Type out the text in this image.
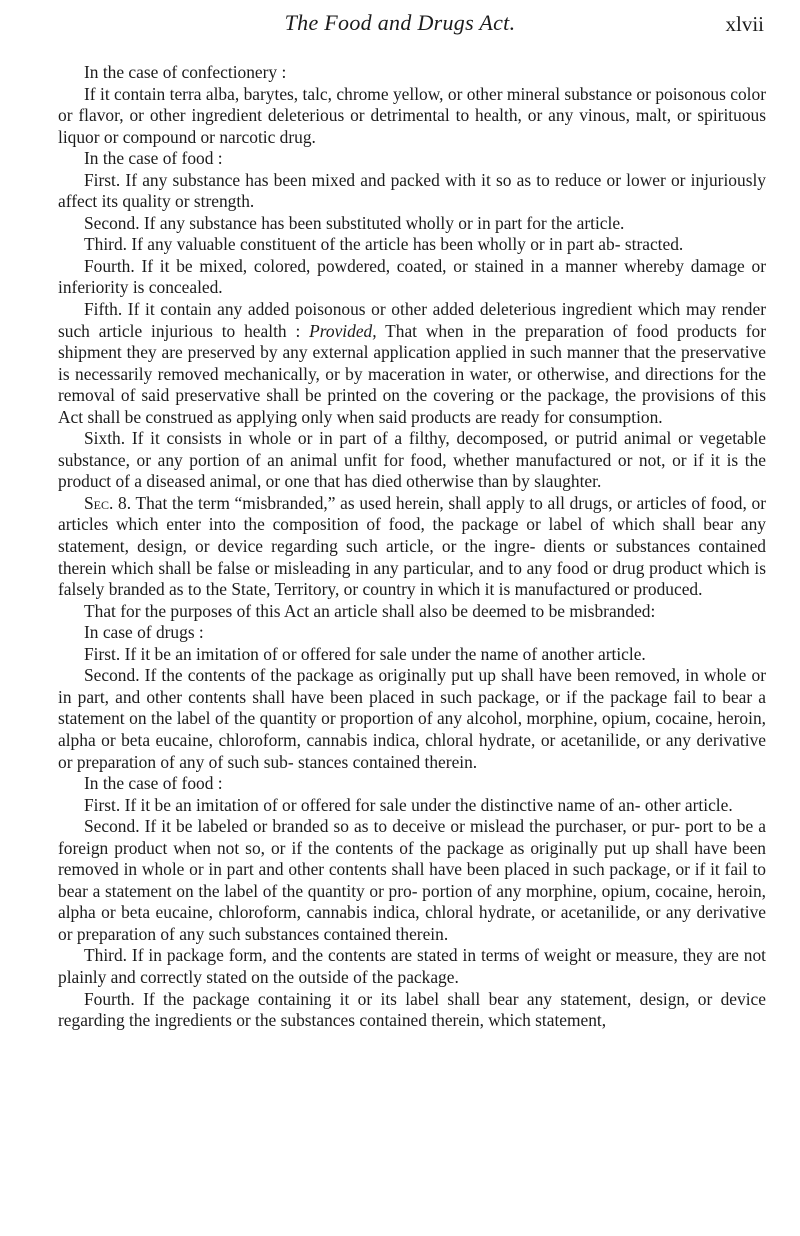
The Food and Drugs Act.	xlvii

In the case of confectionery :

If it contain terra alba, barytes, talc, chrome yellow, or other mineral substance or poisonous color or flavor, or other ingredient deleterious or detrimental to health, or any vinous, malt, or spirituous liquor or compound or narcotic drug.

In the case of food :

First. If any substance has been mixed and packed with it so as to reduce or lower or injuriously affect its quality or strength.

Second. If any substance has been substituted wholly or in part for the article.

Third. If any valuable constituent of the article has been wholly or in part ab- stracted.

Fourth. If it be mixed, colored, powdered, coated, or stained in a manner whereby damage or inferiority is concealed.

Fifth. If it contain any added poisonous or other added deleterious ingredient which may render such article injurious to health : Provided, That when in the preparation of food products for shipment they are preserved by any external application applied in such manner that the preservative is necessarily removed mechanically, or by maceration in water, or otherwise, and directions for the removal of said preservative shall be printed on the covering or the package, the provisions of this Act shall be construed as applying only when said products are ready for consumption.

Sixth. If it consists in whole or in part of a filthy, decomposed, or putrid animal or vegetable substance, or any portion of an animal unfit for food, whether manufactured or not, or if it is the product of a diseased animal, or one that has died otherwise than by slaughter.

Sec. 8. That the term “misbranded,” as used herein, shall apply to all drugs, or articles of food, or articles which enter into the composition of food, the package or label of which shall bear any statement, design, or device regarding such article, or the ingre- dients or substances contained therein which shall be false or misleading in any particular, and to any food or drug product which is falsely branded as to the State, Territory, or country in which it is manufactured or produced.

That for the purposes of this Act an article shall also be deemed to be misbranded:

In case of drugs :

First. If it be an imitation of or offered for sale under the name of another article.

Second. If the contents of the package as originally put up shall have been removed, in whole or in part, and other contents shall have been placed in such package, or if the package fail to bear a statement on the label of the quantity or proportion of any alcohol, morphine, opium, cocaine, heroin, alpha or beta eucaine, chloroform, cannabis indica, chloral hydrate, or acetanilide, or any derivative or preparation of any of such sub- stances contained therein.

In the case of food :

First. If it be an imitation of or offered for sale under the distinctive name of an- other article.

Second. If it be labeled or branded so as to deceive or mislead the purchaser, or pur- port to be a foreign product when not so, or if the contents of the package as originally put up shall have been removed in whole or in part and other contents shall have been placed in such package, or if it fail to bear a statement on the label of the quantity or pro- portion of any morphine, opium, cocaine, heroin, alpha or beta eucaine, chloroform, cannabis indica, chloral hydrate, or acetanilide, or any derivative or preparation of any such substances contained therein.

Third. If in package form, and the contents are stated in terms of weight or measure, they are not plainly and correctly stated on the outside of the package.

Fourth. If the package containing it or its label shall bear any statement, design, or device regarding the ingredients or the substances contained therein, which statement,
